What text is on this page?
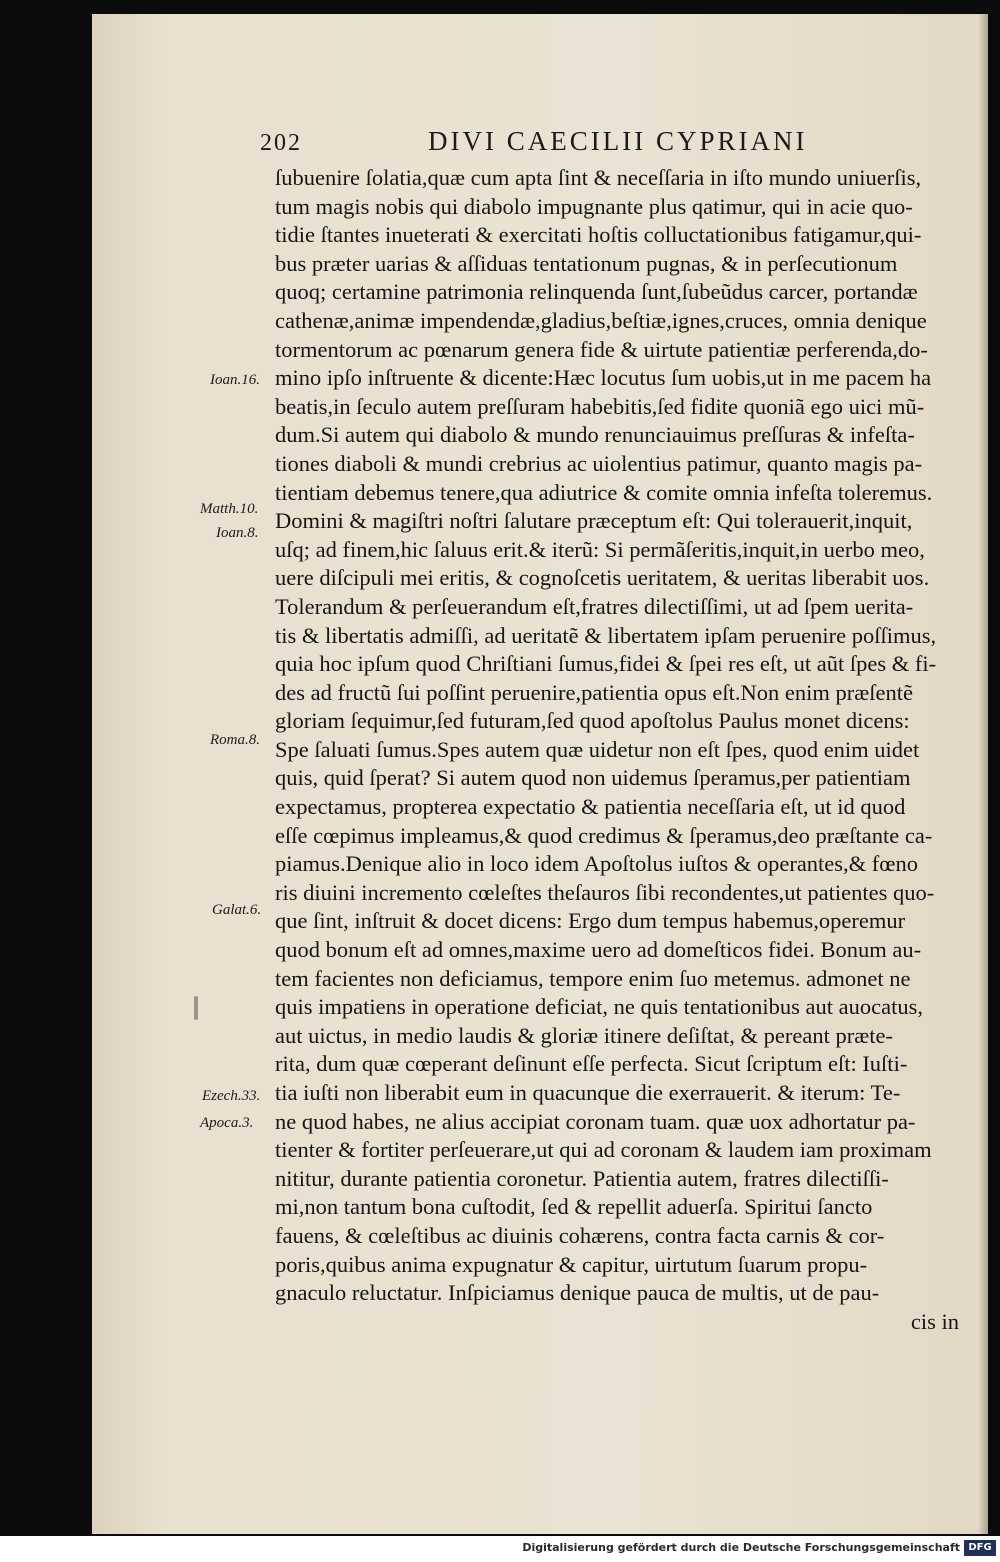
202	DIVI CAECILII CYPRIANI
ſubuenire ſolatia,quæ cum apta ſint & neceſſaria in iſto mundo uniuerſis,
tum magis nobis qui diabolo impugnante plus qatimur, qui in acie quo-
tidie ſtantes inueterati & exercitati hoſtis colluctationibus fatigamur,qui-
bus præter uarias & aſſiduas tentationum pugnas, & in perſecutionum
quoq; certamine patrimonia relinquenda ſunt,ſubeũdus carcer, portandæ
cathenæ,animæ impendendæ,gladius,beſtiæ,ignes,cruces, omnia denique
tormentorum ac pœnarum genera fide & uirtute patientiæ perferenda,do-
mino ipſo inſtruente & dicente:Hæc locutus ſum uobis,ut in me pacem ha
beatis,in ſeculo autem preſſuram habebitis,ſed fidite quoniã ego uici mũ-
dum.Si autem qui diabolo & mundo renunciauimus preſſuras & infeſta-
tiones diaboli & mundi crebrius ac uiolentius patimur, quanto magis pa-
tientiam debemus tenere,qua adiutrice & comite omnia infeſta toleremus.
Domini & magiſtri noſtri ſalutare præceptum eſt: Qui tolerauerit,inquit,
uſq; ad finem,hic ſaluus erit.& iterũ: Si permãſeritis,inquit,in uerbo meo,
uere diſcipuli mei eritis, & cognoſcetis ueritatem, & ueritas liberabit uos.
Tolerandum & perſeuerandum eſt,fratres dilectiſſimi, ut ad ſpem uerita-
tis & libertatis admiſſi, ad ueritatẽ & libertatem ipſam peruenire poſſimus,
quia hoc ipſum quod Chriſtiani ſumus,fidei & ſpei res eſt, ut aũt ſpes & fi-
des ad fructũ ſui poſſint peruenire,patientia opus eſt.Non enim præſentẽ
gloriam ſequimur,ſed futuram,ſed quod apoſtolus Paulus monet dicens:
Spe ſaluati ſumus.Spes autem quæ uidetur non eſt ſpes, quod enim uidet
quis, quid ſperat? Si autem quod non uidemus ſperamus,per patientiam
expectamus, propterea expectatio & patientia neceſſaria eſt, ut id quod
eſſe cœpimus impleamus,& quod credimus & ſperamus,deo præſtante ca-
piamus.Denique alio in loco idem Apoſtolus iuſtos & operantes,& fœno
ris diuini incremento cœleſtes theſauros ſibi recondentes,ut patientes quo-
que ſint, inſtruit & docet dicens: Ergo dum tempus habemus,operemur
quod bonum eſt ad omnes,maxime uero ad domeſticos fidei. Bonum au-
tem facientes non deficiamus, tempore enim ſuo metemus. admonet ne
quis impatiens in operatione deficiat, ne quis tentationibus aut auocatus,
aut uictus, in medio laudis & gloriæ itinere deſiſtat, & pereant præte-
rita, dum quæ cœperant deſinunt eſſe perfecta. Sicut ſcriptum eſt: Iuſti-
tia iuſti non liberabit eum in quacunque die exerrauerit. & iterum: Te-
ne quod habes, ne alius accipiat coronam tuam. quæ uox adhortatur pa-
tienter & fortiter perſeuerare,ut qui ad coronam & laudem iam proximam
nititur, durante patientia coronetur. Patientia autem, fratres dilectiſſi-
mi,non tantum bona cuſtodit, ſed & repellit aduerſa. Spiritui ſancto
fauens, & cœleſtibus ac diuinis cohærens, contra facta carnis & cor-
poris,quibus anima expugnatur & capitur, uirtutum ſuarum propu-
gnaculo reluctatur. Inſpiciamus denique pauca de multis, ut de pau-
cis in
Ioan.16.
Matth.10.
Ioan.8.
Roma.8.
Galat.6.
Ezech.33.
Apoca.3.
Digitalisierung gefördert durch die Deutsche Forschungsgemeinschaft DFG
